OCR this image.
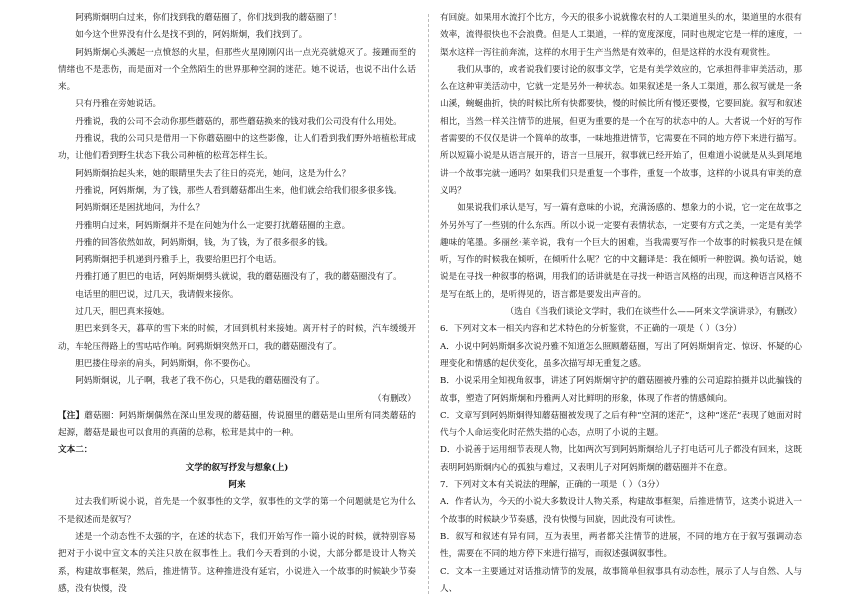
阿鸦斯炯明白过来，你们找到我的蘑菇圈了，你们找到我的蘑菇圈了！

如今这个世界没有什么是找不到的，阿妈斯炯，我们找到了。

阿妈斯炯心头溅起一点愤怒的火星，但那些火星刚刚闪出一点光亮就熄灭了。接踵而至的情绪也不是悲伤，而是面对一个全然陌生的世界那种空洞的迷茫。她不说话，也说不出什么话来。

只有丹雅在旁她说话。

丹雅说，我的公司不会动你那些蘑菇的，那些蘑菇换来的钱对我们公司没有什么用处。

丹雅说，我的公司只是借用一下你蘑菇圈中的这些影像，让人们看到我们野外培植松茸成功，让他们看到野生状态下我公司种植的松茸怎样生长。

阿妈斯炯抬起头来，她的眼睛里失去了往日的亮光，她问，这是为什么？

丹雅说，阿妈斯炯，为了钱，那些人看到蘑菇都出生来，他们就会给我们很多很多钱。

阿妈斯炯还是困扰地问，为什么？

丹雅明白过来，阿妈斯炯并不是在问她为什么一定要打扰蘑菇圈的主意。

丹雅的回答依然如故，阿妈斯炯，钱，为了钱，为了很多很多的钱。

阿鸦斯炯把手机递到丹雅手上，我要给胆巴打个电话。

丹雅打通了胆巴的电话，阿妈斯炯劈头就说，我的蘑菇圈没有了，我的蘑菇圈没有了。

电话里的胆巴说，过几天，我请假来接你。

过几天，胆巴真来接她。

胆巴来到冬天，暮草的雪下来的时候，才回到机村来接她。离开村子的时候，汽车缓缓开动，车轮压得路上的雪咕咕作响。阿鸦斯炯突然开口，我的蘑菇圈没有了。

胆巴搂住母亲的肩头，阿妈斯炯，你不要伤心。

阿妈斯炯说，儿子啊，我老了我不伤心，只是我的蘑菇圈没有了。

（有删改）

【注】蘑菇圈：阿妈斯炯偶然在深山里发现的蘑菇圈，传说圈里的蘑菇是山里所有同类蘑菇的起源，蘑菇是最也可以食用的真菌的总称，松茸是其中的一种。

文本二：

文学的叙写抒发与想象(上)

阿来

过去我们听说小说，首先是一个叙事性的文学，叙事性的文学的第一个问题就是它为什么不是叙述而是叙写？

述是一个动态性不太强的字，在述的状态下，我们开始写作一篇小说的时候，就特别容易把对于小说中宣文本的关注只放在叙事性上。我们今天看到的小说，大部分都是设计人物关系，构建故事框架，然后，推进情节。这种推进没有延宕，小说进入一个故事的时候缺少节奏感，没有快慢，没

有回旋。如果用水流打个比方，今天的很多小说就像农村的人工渠道里头的水，渠道里的水很有效率，流得很快也不会浪费。但是人工渠道，一样的宽度深度，同时也规定它是一样的速度，一渠水这样一泻往前奔流，这样的水用于生产当然是有效率的，但是这样的水没有观赏性。

我们从事的，或者说我们要讨论的叙事文学，它是有美学效应的，它承担得非审美活动，那么在这种审美活动中，它就一定是另外一种状态。如果叙述是一条人工渠道，那么叙写就是一条山溪，蜿蜒曲折，快的时候比所有快都要快，慢的时候比所有慢还要慢，它要回旋。叙写和叙述相比，当然一样关注情节的进展，但更为重要的是一个在写的状态中的人。大者说一个好的写作者需要的不仅仅是讲一个简单的故事，一味地推进情节，它需要在不同的地方停下来进行描写。所以短篇小说是从语言展开的，语言一旦展开，叙事就已经开始了，但难道小说就是从头到尾地讲一个故事完就一通吗？如果我们只是重复一个事件，重复一个故事，这样的小说具有审美的意义吗？

如果说我们承认是写，写一篇有意味的小说，充满汤感的、想象力的小说，它一定在故事之外另外写了一些别的什么东西。所以小说一定要有表情状态，一定要有方式之美，一定是有美学趣味的笔墨。多丽丝·莱辛说，我有一个巨大的困难，当我需要写作一个故事的时候我只是在倾听，写作的时候我在倾听，在倾听什么呢？它的中文翻译是：我在倾听一种腔调。换句话说，她说是在寻找一种叙事的格调，用我们的话讲就是在寻找一种语言风格的出现，而这种语言风格不是写在纸上的，是听得见的，语言都是要发出声音的。

（选自《当我们谈论文学时，我们在谈些什么——阿来文学演讲录》，有删改）

6．下列对文本一相关内容和艺术特色的分析鉴赏，不正确的一项是（ ）（3分）

A．小说中阿妈斯炯多次说丹雅不知道怎么照顾蘑菇圈，写出了阿妈斯炯肯定、惊讶、怀疑的心理变化和情感的起伏变化，虽多次描写却无重复之感。

B．小说采用全知视角叙事，讲述了阿妈斯炯守护的蘑菇圈被丹雅的公司追踪拍摄并以此骗钱的故事，塑造了阿妈斯炯和丹雅两人对比鲜明的形象，体现了作者的情感倾向。

C．文章写到阿妈斯炯得知蘑菇圈被发现了之后有种“空洞的迷茫”，这种“迷茫”表现了她面对时代与个人命运变化时茫然失措的心态，点明了小说的主题。

D．小说善于运用细节表现人物，比如两次写到阿妈斯炯给儿子打电话可儿子都没有回来，这既表明阿妈斯炯内心的孤独与难过，又表明儿子对阿妈斯炯的蘑菇圈并不在意。

7．下列对文本有关说法的理解，正确的一项是（ ）（3分）

A．作者认为，今天的小说大多数设计人物关系，构建故事框架，后推进情节，这类小说进入一个故事的时候缺少节奏感，没有快慢与回旋，因此没有可读性。

B．叙写和叙述有异有同，互为表里，两者都关注情节的进展，不同的地方在于叙写强调动态性，需要在不同的地方停下来进行描写，而叙述强调叙事性。

C．文本一主要通过对话推动情节的发展，故事简单但叙事具有动态性，展示了人与自然、人与人、
